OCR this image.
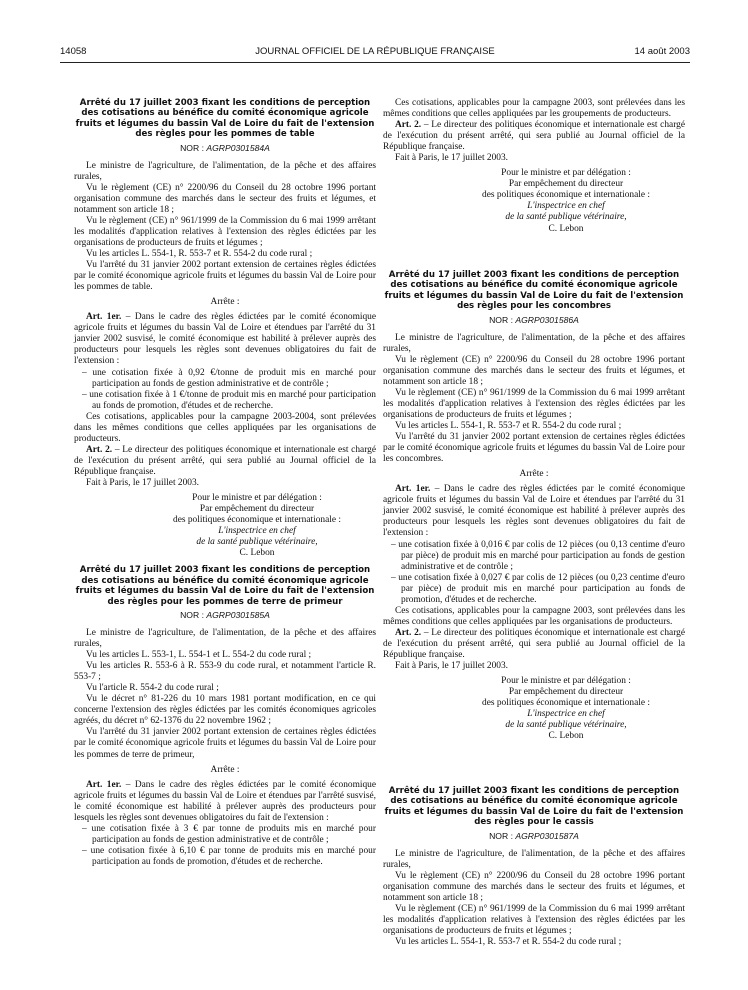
14058	JOURNAL OFFICIEL DE LA RÉPUBLIQUE FRANÇAISE	14 août 2003
Arrêté du 17 juillet 2003 fixant les conditions de perception des cotisations au bénéfice du comité économique agricole fruits et légumes du bassin Val de Loire du fait de l'extension des règles pour les pommes de table
NOR : AGRP0301584A

Le ministre de l'agriculture, de l'alimentation, de la pêche et des affaires rurales,

Vu le règlement (CE) n° 2200/96 du Conseil du 28 octobre 1996 portant organisation commune des marchés dans le secteur des fruits et légumes, et notamment son article 18 ;

Vu le règlement (CE) n° 961/1999 de la Commission du 6 mai 1999 arrêtant les modalités d'application relatives à l'extension des règles édictées par les organisations de producteurs de fruits et légumes ;

Vu les articles L. 554-1, R. 553-7 et R. 554-2 du code rural ;

Vu l'arrêté du 31 janvier 2002 portant extension de certaines règles édictées par le comité économique agricole fruits et légumes du bassin Val de Loire pour les pommes de table.

Arrête :

Art. 1er. – Dans le cadre des règles édictées par le comité économique agricole fruits et légumes du bassin Val de Loire et étendues par l'arrêté du 31 janvier 2002 susvisé, le comité économique est habilité à prélever auprès des producteurs pour lesquels les règles sont devenues obligatoires du fait de l'extension :

– une cotisation fixée à 0,92 €/tonne de produit mis en marché pour participation au fonds de gestion administrative et de contrôle ;

– une cotisation fixée à 1 €/tonne de produit mis en marché pour participation au fonds de promotion, d'études et de recherche.

Ces cotisations, applicables pour la campagne 2003-2004, sont prélevées dans les mêmes conditions que celles appliquées par les organisations de producteurs.

Art. 2. – Le directeur des politiques économique et internationale est chargé de l'exécution du présent arrêté, qui sera publié au Journal officiel de la République française.

Fait à Paris, le 17 juillet 2003.

Pour le ministre et par délégation :
Par empêchement du directeur
des politiques économique et internationale :
L'inspectrice en chef
de la santé publique vétérinaire,
C. Lebon
Arrêté du 17 juillet 2003 fixant les conditions de perception des cotisations au bénéfice du comité économique agricole fruits et légumes du bassin Val de Loire du fait de l'extension des règles pour les pommes de terre de primeur
NOR : AGRP0301585A

Le ministre de l'agriculture, de l'alimentation, de la pêche et des affaires rurales,

Vu les articles L. 553-1, L. 554-1 et L. 554-2 du code rural ;

Vu les articles R. 553-6 à R. 553-9 du code rural, et notamment l'article R. 553-7 ;

Vu l'article R. 554-2 du code rural ;

Vu le décret n° 81-226 du 10 mars 1981 portant modification, en ce qui concerne l'extension des règles édictées par les comités économiques agricoles agréés, du décret n° 62-1376 du 22 novembre 1962 ;

Vu l'arrêté du 31 janvier 2002 portant extension de certaines règles édictées par le comité économique agricole fruits et légumes du bassin Val de Loire pour les pommes de terre de primeur,

Arrête :

Art. 1er. – Dans le cadre des règles édictées par le comité économique agricole fruits et légumes du bassin Val de Loire et étendues par l'arrêté susvisé, le comité économique est habilité à prélever auprès des producteurs pour lesquels les règles sont devenues obligatoires du fait de l'extension :

– une cotisation fixée à 3 € par tonne de produits mis en marché pour participation au fonds de gestion administrative et de contrôle ;

– une cotisation fixée à 6,10 € par tonne de produits mis en marché pour participation au fonds de promotion, d'études et de recherche.

Ces cotisations, applicables pour la campagne 2003, sont prélevées dans les mêmes conditions que celles appliquées par les groupements de producteurs.

Art. 2. – Le directeur des politiques économique et internationale est chargé de l'exécution du présent arrêté, qui sera publié au Journal officiel de la République française.

Fait à Paris, le 17 juillet 2003.

Pour le ministre et par délégation :
Par empêchement du directeur
des politiques économique et internationale :
L'inspectrice en chef
de la santé publique vétérinaire,
C. Lebon
Arrêté du 17 juillet 2003 fixant les conditions de perception des cotisations au bénéfice du comité économique agricole fruits et légumes du bassin Val de Loire du fait de l'extension des règles pour les concombres
NOR : AGRP0301586A

Le ministre de l'agriculture, de l'alimentation, de la pêche et des affaires rurales,

Vu le règlement (CE) n° 2200/96 du Conseil du 28 octobre 1996 portant organisation commune des marchés dans le secteur des fruits et légumes, et notamment son article 18 ;

Vu le règlement (CE) n° 961/1999 de la Commission du 6 mai 1999 arrêtant les modalités d'application relatives à l'extension des règles édictées par les organisations de producteurs de fruits et légumes ;

Vu les articles L. 554-1, R. 553-7 et R. 554-2 du code rural ;

Vu l'arrêté du 31 janvier 2002 portant extension de certaines règles édictées par le comité économique agricole fruits et légumes du bassin Val de Loire pour les concombres.

Arrête :

Art. 1er. – Dans le cadre des règles édictées par le comité économique agricole fruits et légumes du bassin Val de Loire et étendues par l'arrêté du 31 janvier 2002 susvisé, le comité économique est habilité à prélever auprès des producteurs pour lesquels les règles sont devenues obligatoires du fait de l'extension :

– une cotisation fixée à 0,016 € par colis de 12 pièces (ou 0,13 centime d'euro par pièce) de produit mis en marché pour participation au fonds de gestion administrative et de contrôle ;

– une cotisation fixée à 0,027 € par colis de 12 pièces (ou 0,23 centime d'euro par pièce) de produit mis en marché pour participation au fonds de promotion, d'études et de recherche.

Ces cotisations, applicables pour la campagne 2003, sont prélevées dans les mêmes conditions que celles appliquées par les organisations de producteurs.

Art. 2. – Le directeur des politiques économique et internationale est chargé de l'exécution du présent arrêté, qui sera publié au Journal officiel de la République française.

Fait à Paris, le 17 juillet 2003.

Pour le ministre et par délégation :
Par empêchement du directeur
des politiques économique et internationale :
L'inspectrice en chef
de la santé publique vétérinaire,
C. Lebon
Arrêté du 17 juillet 2003 fixant les conditions de perception des cotisations au bénéfice du comité économique agricole fruits et légumes du bassin Val de Loire du fait de l'extension des règles pour le cassis
NOR : AGRP0301587A

Le ministre de l'agriculture, de l'alimentation, de la pêche et des affaires rurales,

Vu le règlement (CE) n° 2200/96 du Conseil du 28 octobre 1996 portant organisation commune des marchés dans le secteur des fruits et légumes, et notamment son article 18 ;

Vu le règlement (CE) n° 961/1999 de la Commission du 6 mai 1999 arrêtant les modalités d'application relatives à l'extension des règles édictées par les organisations de producteurs de fruits et légumes ;

Vu les articles L. 554-1, R. 553-7 et R. 554-2 du code rural ;
